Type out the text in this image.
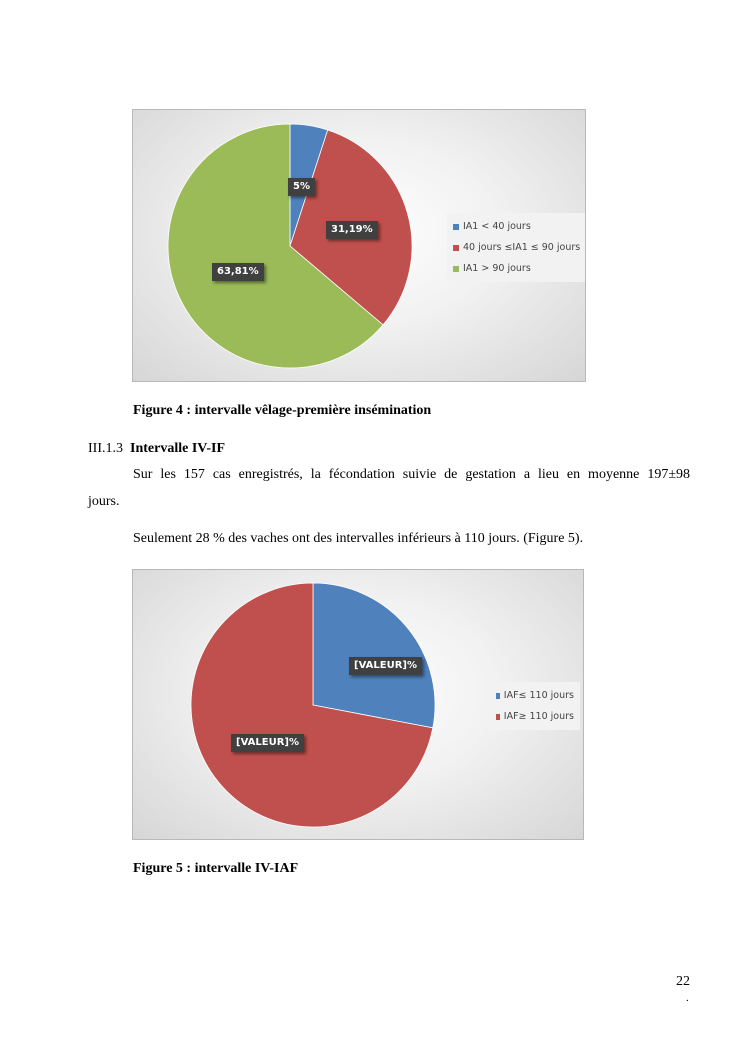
5%
31,19%
63,81%
IA1 < 40 jours
40 jours ≤IA1 ≤ 90 jours
IA1 > 90 jours
Figure 4 : intervalle vêlage-première insémination
III.1.3 Intervalle IV-IF
Sur les 157 cas enregistrés, la fécondation suivie de gestation a lieu en moyenne 197±98
jours.
Seulement 28 % des vaches ont des intervalles inférieurs à 110 jours. (Figure 5).
[VALEUR]%
[VALEUR]%
IAF≤ 110 jours
IAF≥ 110 jours
Figure 5 : intervalle IV-IAF
22
.
